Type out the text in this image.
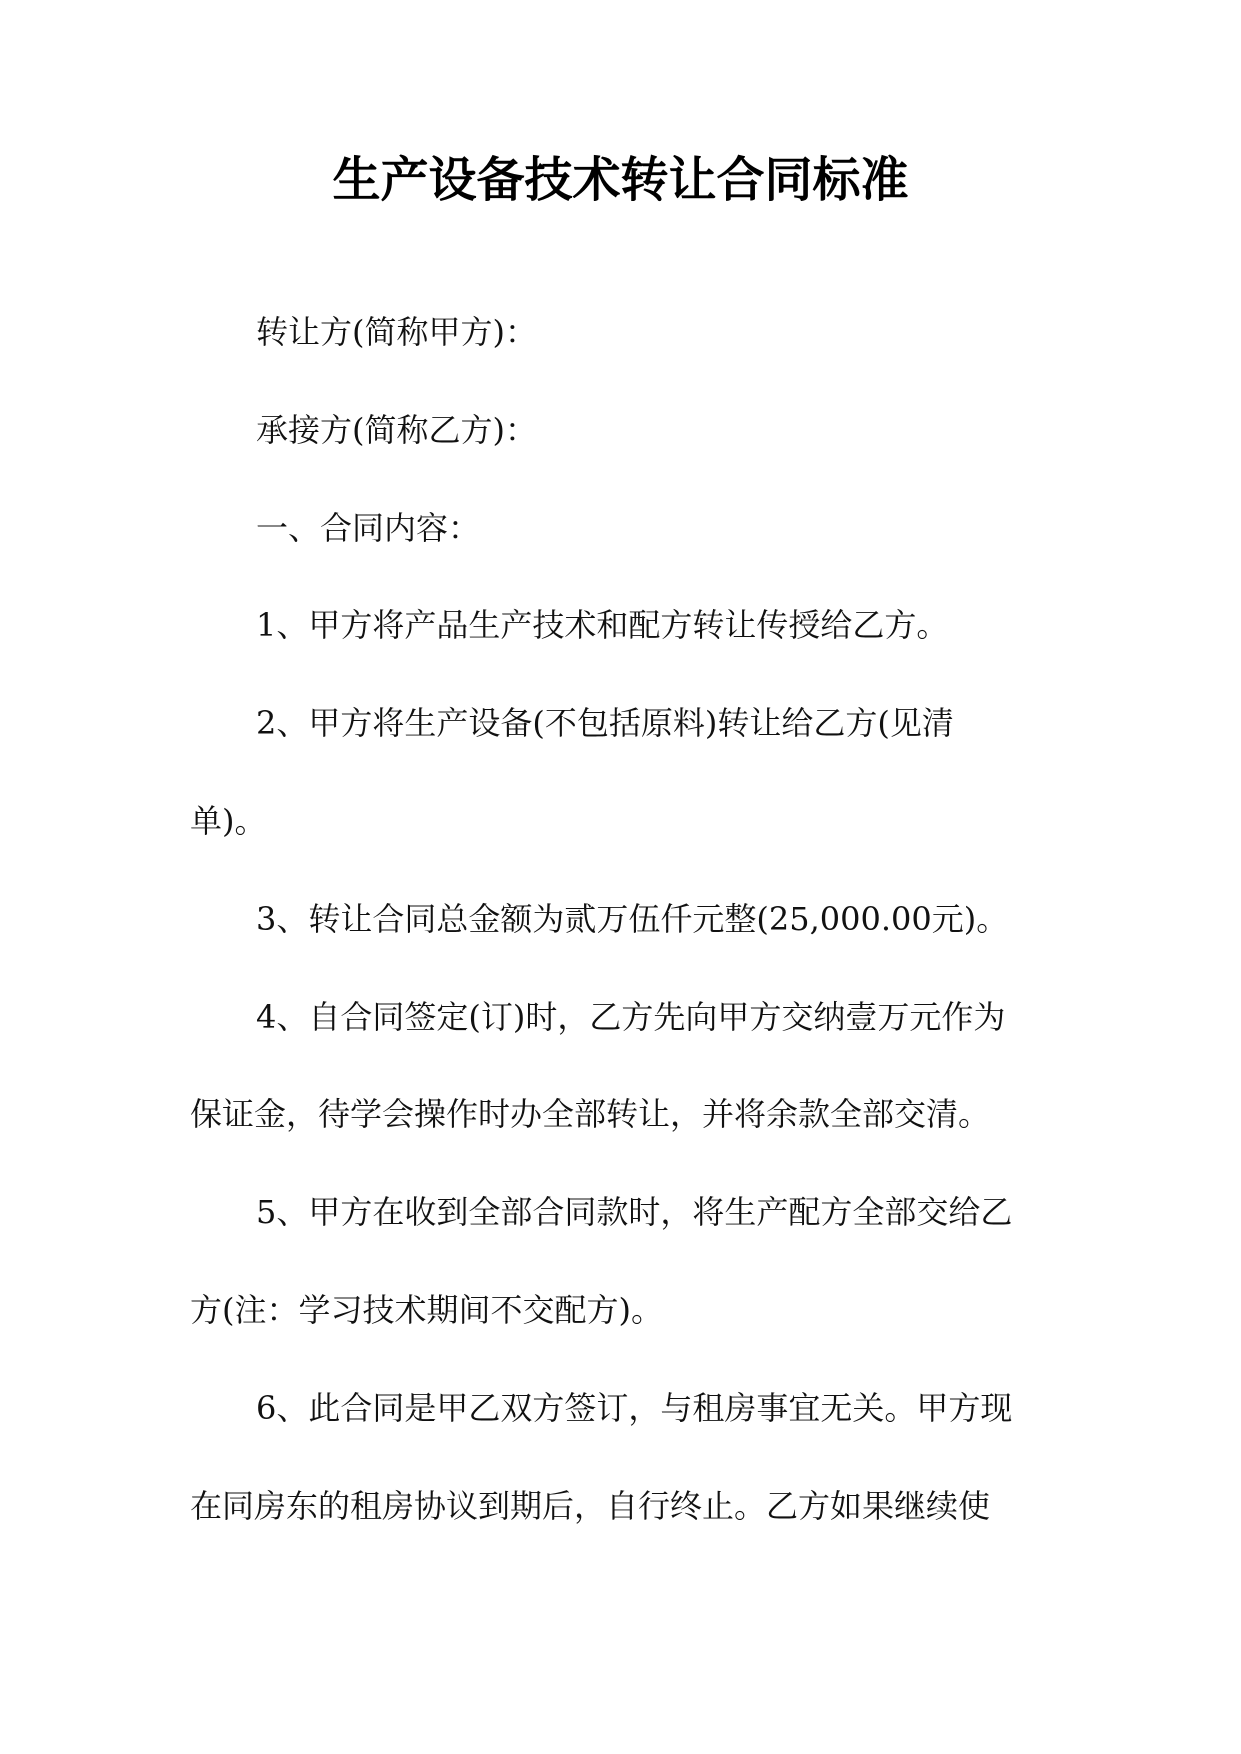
生产设备技术转让合同标准

转让方(简称甲方)：

承接方(简称乙方)：

一、合同内容：

1、甲方将产品生产技术和配方转让传授给乙方。

2、甲方将生产设备(不包括原料)转让给乙方(见清

单)。

3、转让合同总金额为贰万伍仟元整(25,000.00元)。

4、自合同签定(订)时，乙方先向甲方交纳壹万元作为

保证金，待学会操作时办全部转让，并将余款全部交清。

5、甲方在收到全部合同款时，将生产配方全部交给乙

方(注：学习技术期间不交配方)。

6、此合同是甲乙双方签订，与租房事宜无关。甲方现

在同房东的租房协议到期后，自行终止。乙方如果继续使
